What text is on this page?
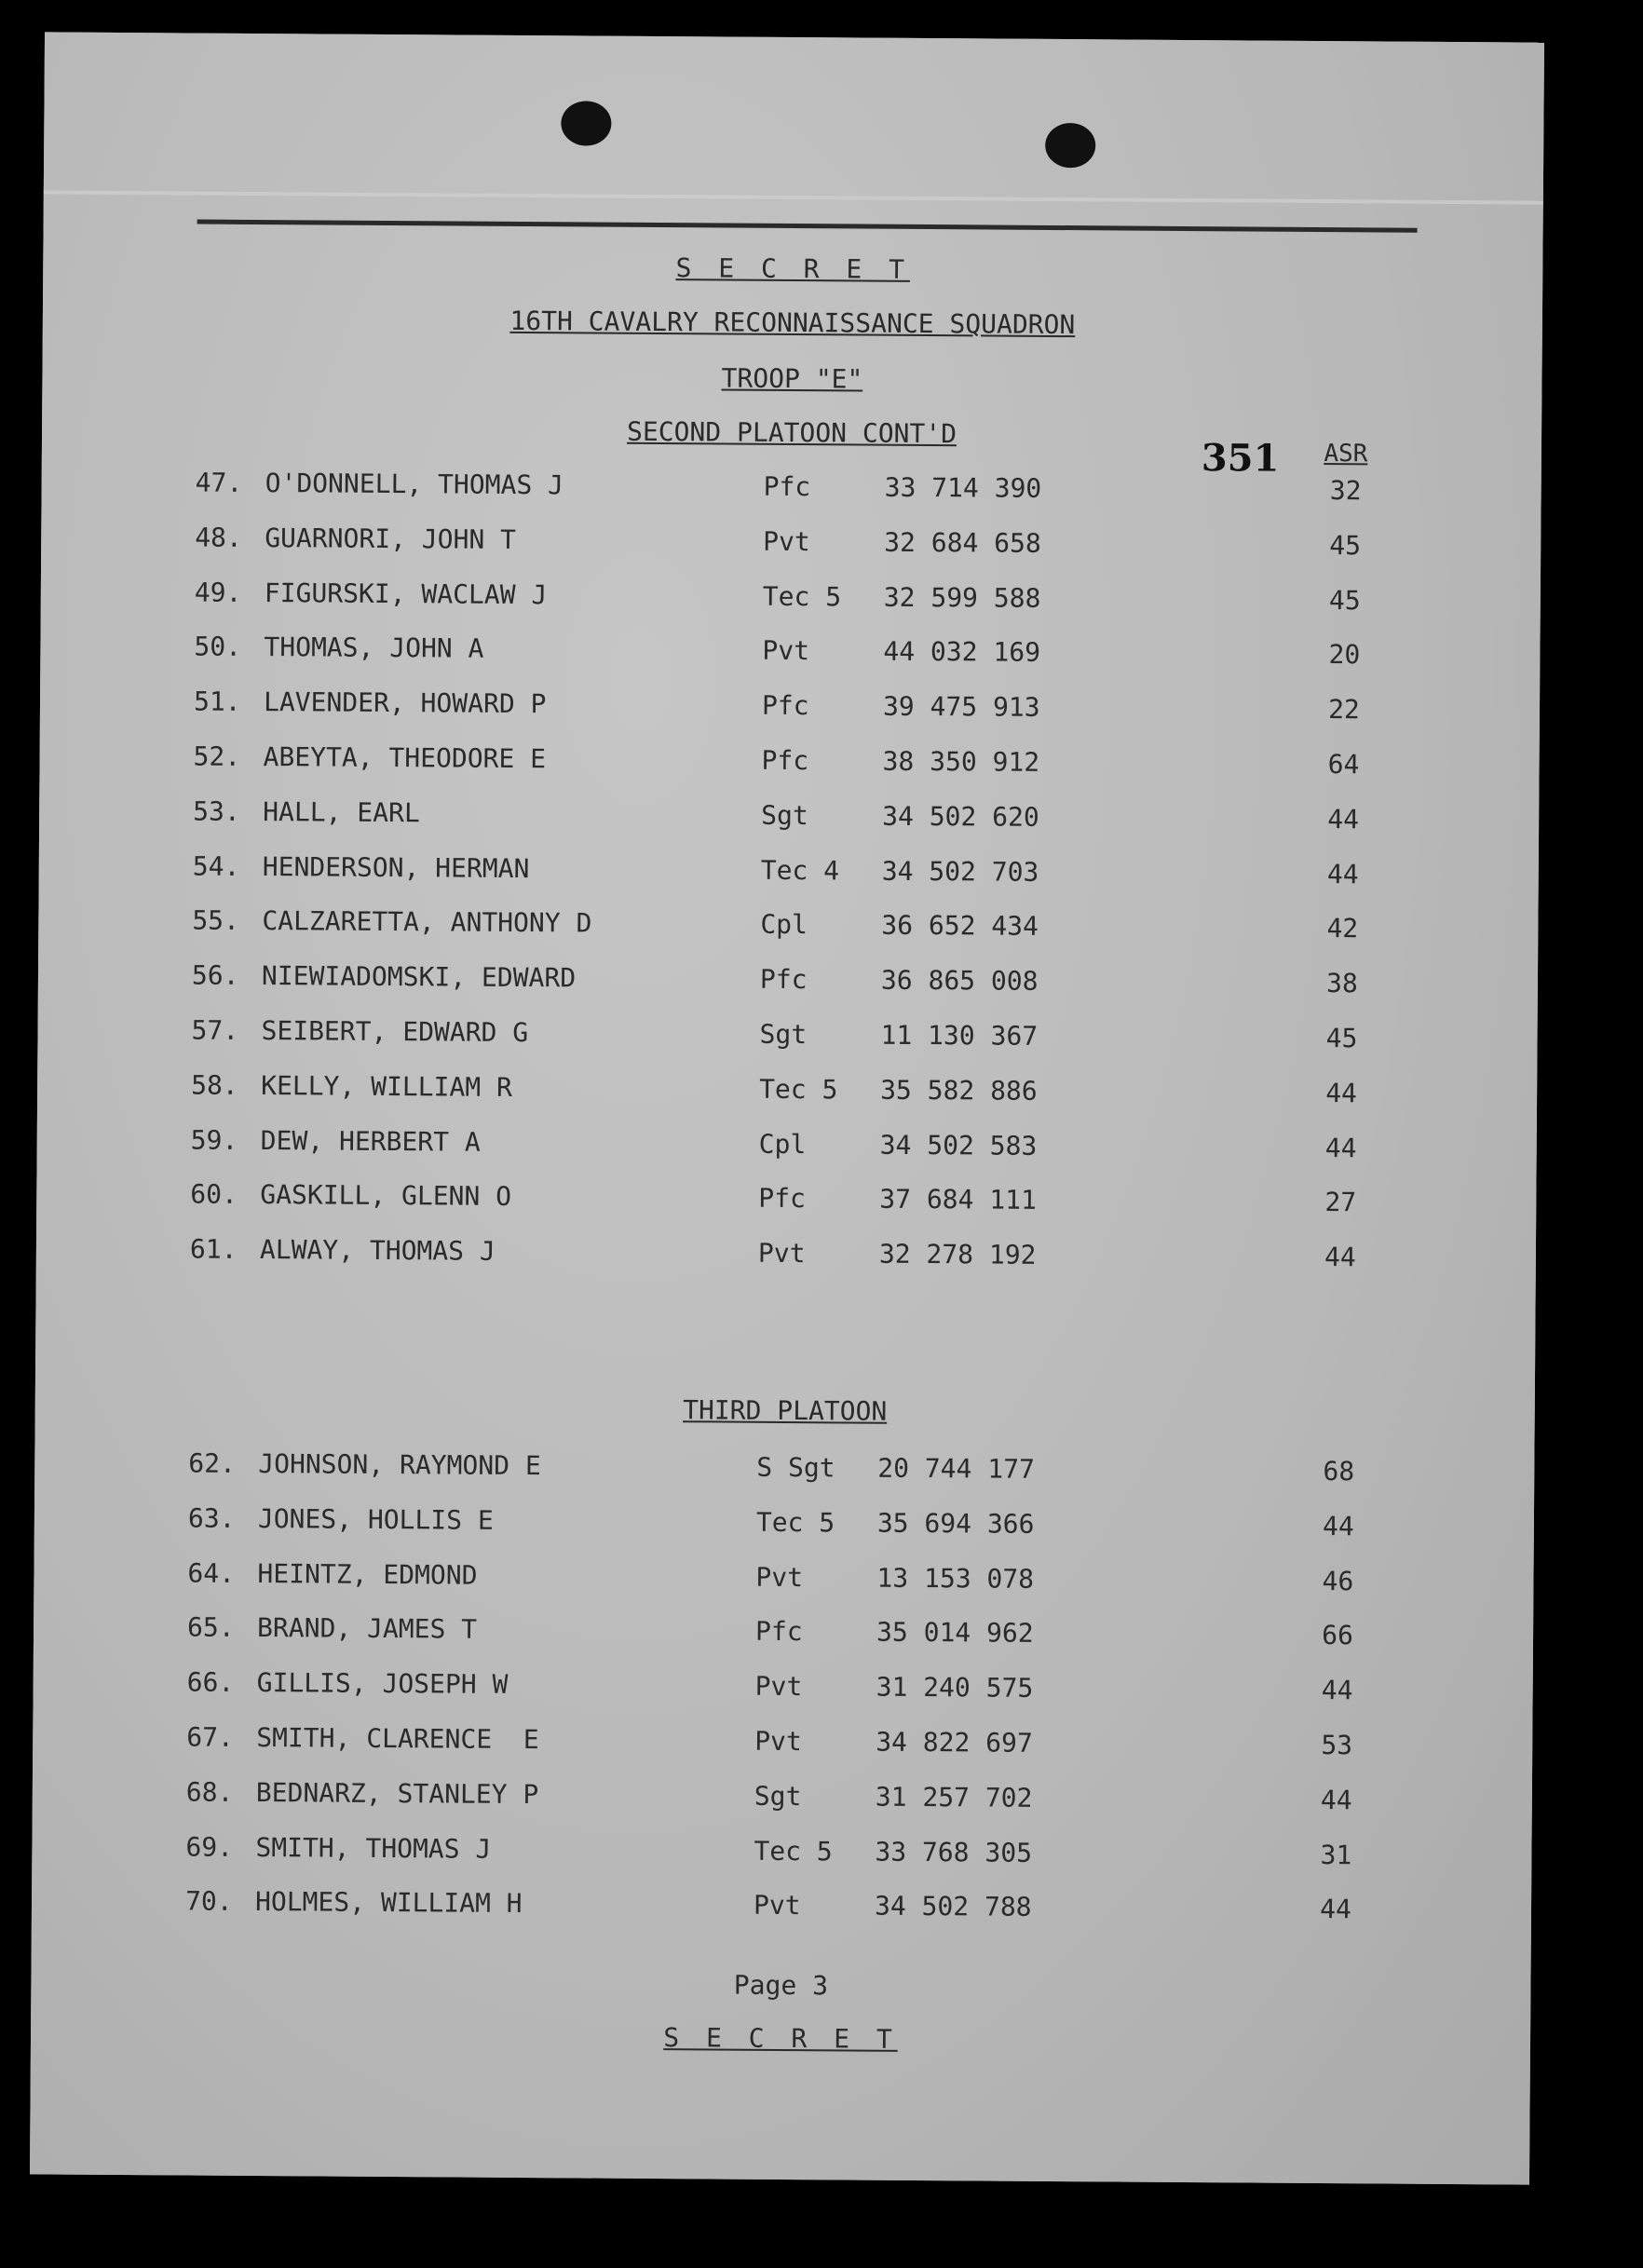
S E C R E T
16TH CAVALRY RECONNAISSANCE SQUADRON
TROOP "E"
SECOND PLATOON CONT'D
351 ASR
47. O'DONNELL, THOMAS J	Pfc	33 714 390	32
48. GUARNORI, JOHN T	Pvt	32 684 658	45
49. FIGURSKI, WACLAW J	Tec 5 32 599 588	45
50. THOMAS, JOHN A	Pvt	44 032 169	20
51. LAVENDER, HOWARD P	Pfc	39 475 913	22
52. ABEYTA, THEODORE E	Pfc	38 350 912	64
53. HALL, EARL	Sgt	34 502 620	44
54. HENDERSON, HERMAN	Tec 4 34 502 703	44
55. CALZARETTA, ANTHONY D	Cpl	36 652 434	42
56. NIEWIADOMSKI, EDWARD	Pfc	36 865 008	38
57. SEIBERT, EDWARD G	Sgt	11 130 367	45
58. KELLY, WILLIAM R	Tec 5 35 582 886	44
59. DEW, HERBERT A	Cpl	34 502 583	44
60. GASKILL, GLENN O	Pfc	37 684 111	27
61. ALWAY, THOMAS J	Pvt	32 278 192	44
THIRD PLATOON
62. JOHNSON, RAYMOND E	S Sgt 20 744 177	68
63. JONES, HOLLIS E	Tec 5 35 694 366	44
64. HEINTZ, EDMOND	Pvt	13 153 078	46
65. BRAND, JAMES T	Pfc	35 014 962	66
66. GILLIS, JOSEPH W	Pvt	31 240 575	44
67. SMITH, CLARENCE  E	Pvt	34 822 697	53
68. BEDNARZ, STANLEY P	Sgt	31 257 702	44
69. SMITH, THOMAS J	Tec 5 33 768 305	31
70. HOLMES, WILLIAM H	Pvt	34 502 788	44
Page 3
S E C R E T
